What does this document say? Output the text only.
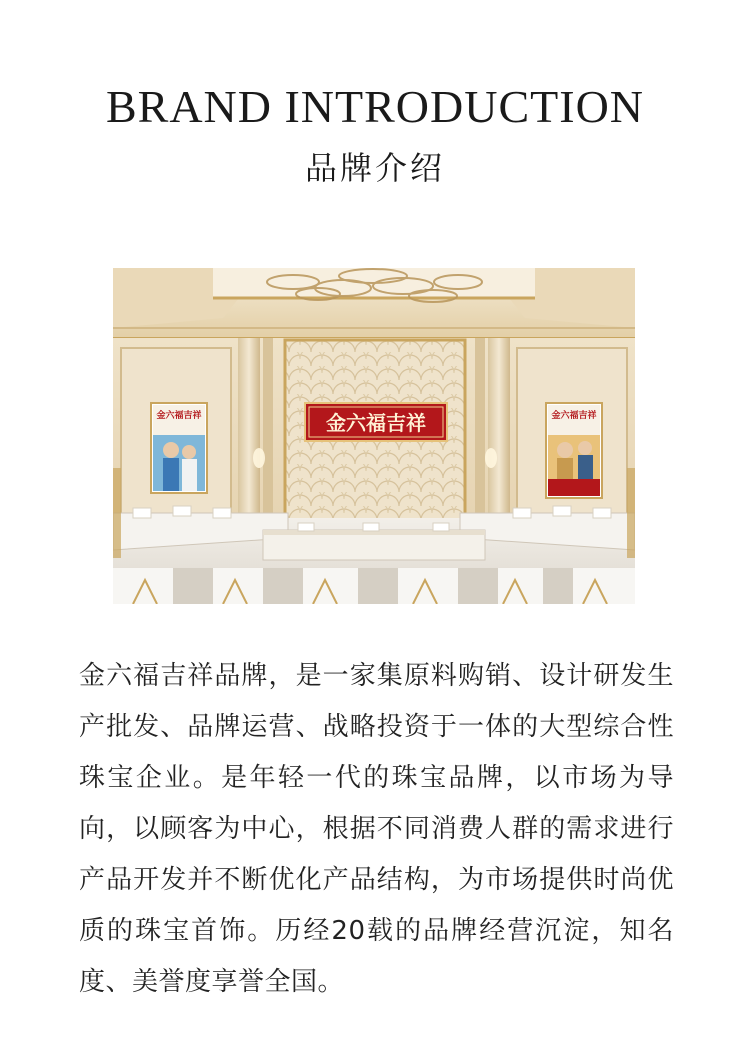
BRAND INTRODUCTION
品牌介绍
金六福吉祥
金六福吉祥	金六福吉祥

金六福吉祥品牌，是一家集原料购销、设计研发生产批发、品牌运营、战略投资于一体的大型综合性珠宝企业。是年轻一代的珠宝品牌，以市场为导向，以顾客为中心，根据不同消费人群的需求进行产品开发并不断优化产品结构，为市场提供时尚优质的珠宝首饰。历经20载的品牌经营沉淀，知名度、美誉度享誉全国。
